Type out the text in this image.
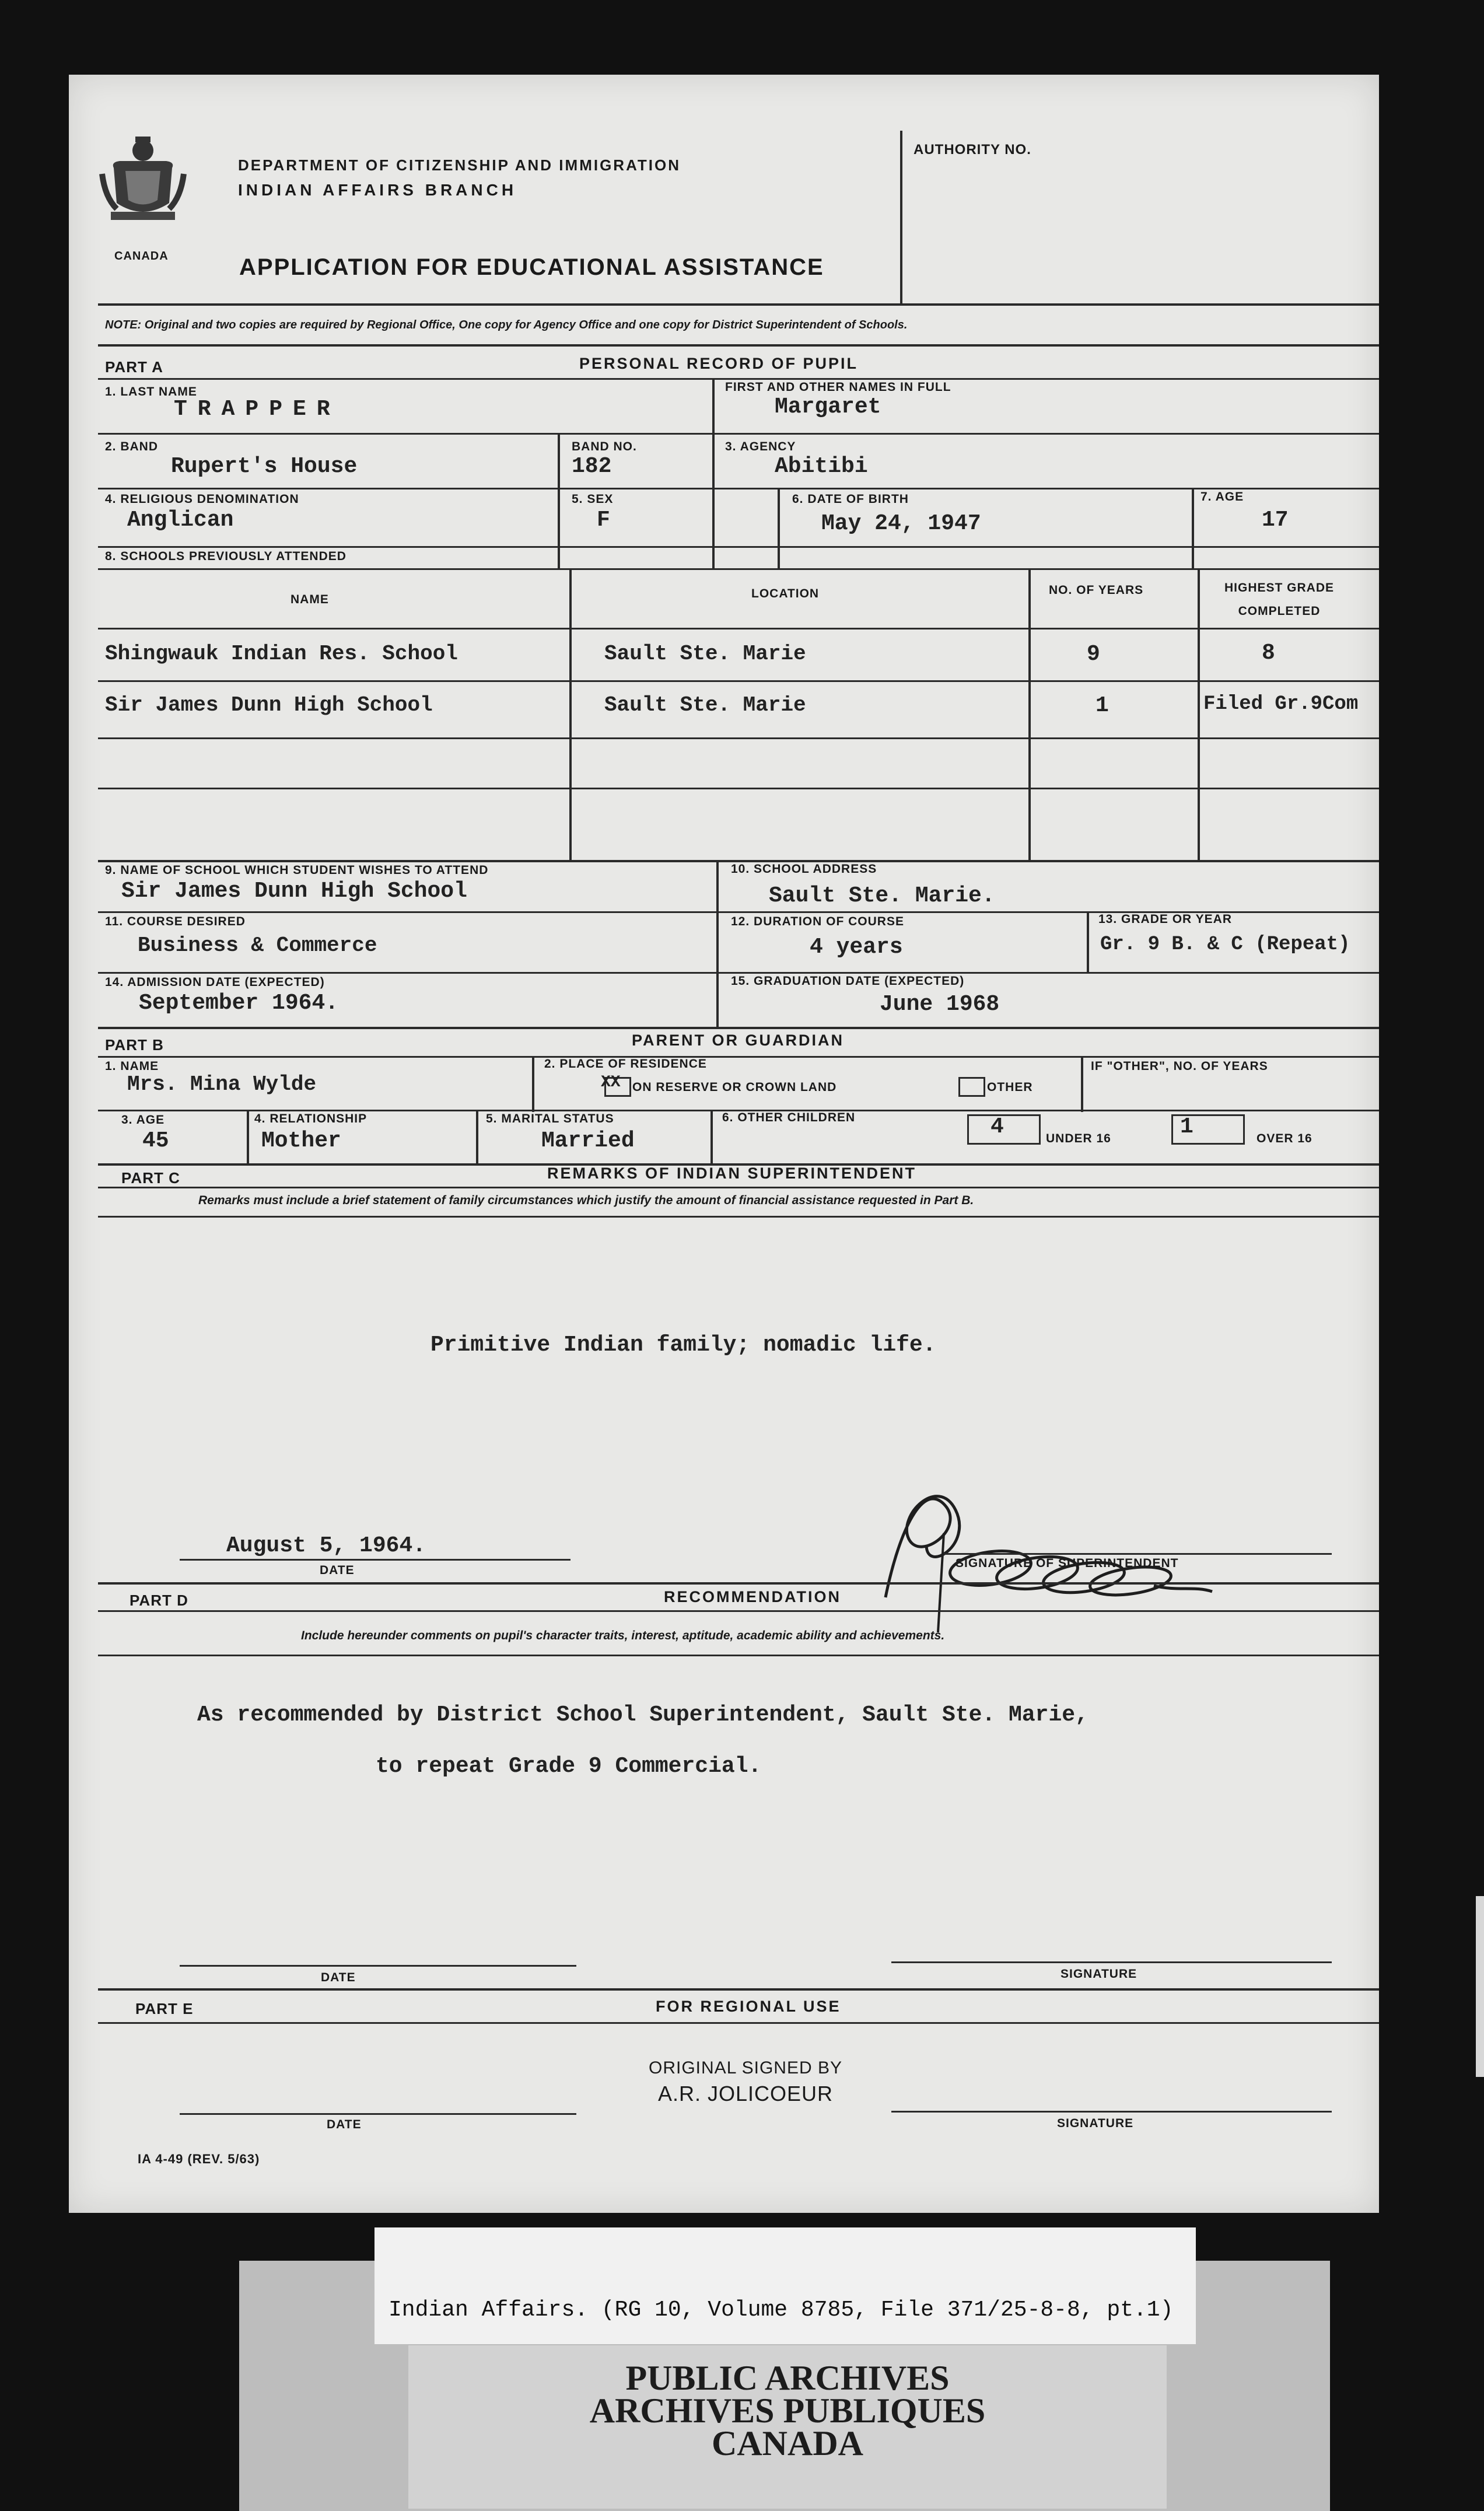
CANADA
DEPARTMENT OF CITIZENSHIP AND IMMIGRATION
INDIAN AFFAIRS BRANCH
APPLICATION FOR EDUCATIONAL ASSISTANCE
AUTHORITY NO.
NOTE: Original and two copies are required by Regional Office, One copy for Agency Office and one copy for District Superintendent of Schools.
PART A	PERSONAL RECORD OF PUPIL
1. LAST NAME
TRAPPER
FIRST AND OTHER NAMES IN FULL
Margaret
2. BAND
Rupert's House
BAND NO.
182
3. AGENCY
Abitibi
4. RELIGIOUS DENOMINATION
Anglican
5. SEX
F
6. DATE OF BIRTH
May 24, 1947
7. AGE
17
8. SCHOOLS PREVIOUSLY ATTENDED
NAME	LOCATION	NO. OF YEARS	HIGHEST GRADE COMPLETED
Shingwauk Indian Res. School	Sault Ste. Marie	9	8
Sir James Dunn High School	Sault Ste. Marie	1	Filed Gr.9Com
9. NAME OF SCHOOL WHICH STUDENT WISHES TO ATTEND
Sir James Dunn High School
10. SCHOOL ADDRESS
Sault Ste. Marie.
11. COURSE DESIRED
Business & Commerce
12. DURATION OF COURSE
4 years
13. GRADE OR YEAR
Gr. 9 B. & C (Repeat)
14. ADMISSION DATE (EXPECTED)
September 1964.
15. GRADUATION DATE (EXPECTED)
June 1968
PART B	PARENT OR GUARDIAN
1. NAME
Mrs. Mina Wylde
2. PLACE OF RESIDENCE
XX ON RESERVE OR CROWN LAND	OTHER
IF "OTHER", NO. OF YEARS
3. AGE
45
4. RELATIONSHIP
Mother
5. MARITAL STATUS
Married
6. OTHER CHILDREN	4	UNDER 16	1	OVER 16
PART C	REMARKS OF INDIAN SUPERINTENDENT
Remarks must include a brief statement of family circumstances which justify the amount of financial assistance requested in Part B.
Primitive Indian family; nomadic life.
August 5, 1964.
DATE
SIGNATURE OF SUPERINTENDENT
PART D	RECOMMENDATION
Include hereunder comments on pupil's character traits, interest, aptitude, academic ability and achievements.
As recommended by District School Superintendent, Sault Ste. Marie,
to repeat Grade 9 Commercial.
DATE	SIGNATURE
PART E	FOR REGIONAL USE
ORIGINAL SIGNED BY
A.R. JOLICOEUR
DATE	SIGNATURE
IA 4-49 (REV. 5/63)
Indian Affairs. (RG 10, Volume 8785, File 371/25-8-8, pt.1)
PUBLIC ARCHIVES
ARCHIVES PUBLIQUES
CANADA
